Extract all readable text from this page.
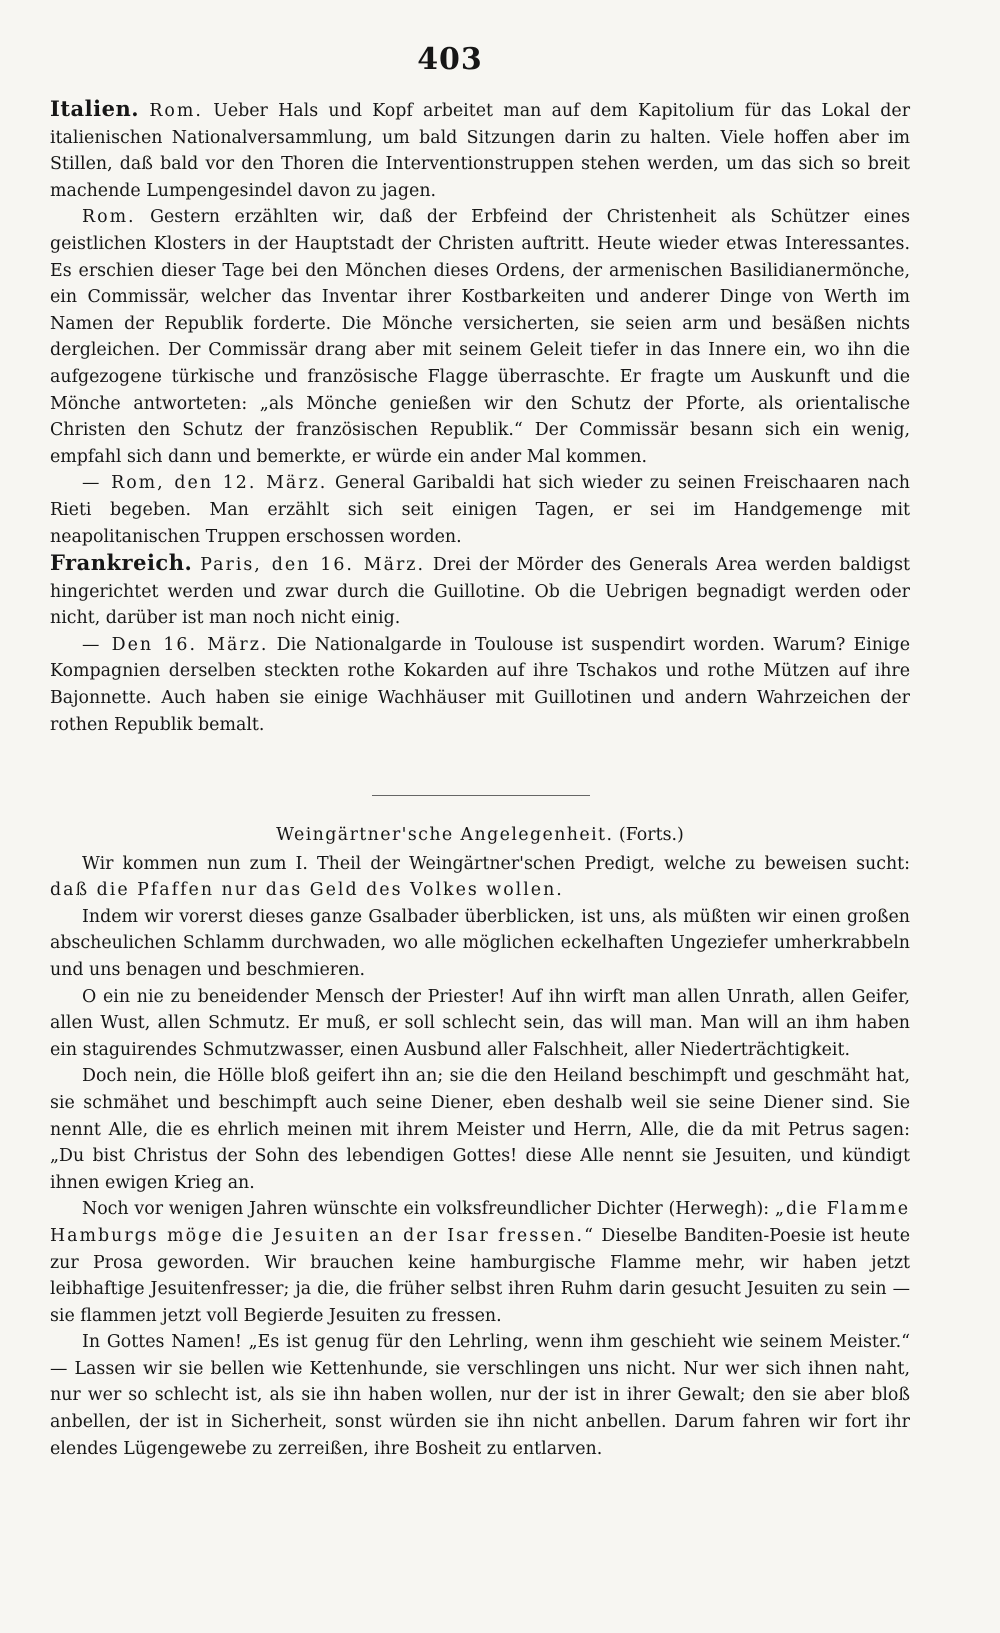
403

Italien. Rom. Ueber Hals und Kopf arbeitet man auf dem Kapitolium für das Lokal der italienischen Nationalversammlung, um bald Sitzungen darin zu halten. Viele hoffen aber im Stillen, daß bald vor den Thoren die Interventionstruppen stehen werden, um das sich so breit machende Lumpengesindel davon zu jagen.

Rom. Gestern erzählten wir, daß der Erbfeind der Christenheit als Schützer eines geistlichen Klosters in der Hauptstadt der Christen auftritt. Heute wieder etwas Interessantes. Es erschien dieser Tage bei den Mönchen dieses Ordens, der armenischen Basilidianermönche, ein Commissär, welcher das Inventar ihrer Kostbarkeiten und anderer Dinge von Werth im Namen der Republik forderte. Die Mönche versicherten, sie seien arm und besäßen nichts dergleichen. Der Commissär drang aber mit seinem Geleit tiefer in das Innere ein, wo ihn die aufgezogene türkische und französische Flagge überraschte. Er fragte um Auskunft und die Mönche antworteten: „als Mönche genießen wir den Schutz der Pforte, als orientalische Christen den Schutz der französischen Republik.“ Der Commissär besann sich ein wenig, empfahl sich dann und bemerkte, er würde ein ander Mal kommen.

— Rom, den 12. März. General Garibaldi hat sich wieder zu seinen Freischaaren nach Rieti begeben. Man erzählt sich seit einigen Tagen, er sei im Handgemenge mit neapolitanischen Truppen erschossen worden.

Frankreich. Paris, den 16. März. Drei der Mörder des Generals Area werden baldigst hingerichtet werden und zwar durch die Guillotine. Ob die Uebrigen begnadigt werden oder nicht, darüber ist man noch nicht einig.

— Den 16. März. Die Nationalgarde in Toulouse ist suspendirt worden. Warum? Einige Kompagnien derselben steckten rothe Kokarden auf ihre Tschakos und rothe Mützen auf ihre Bajonnette. Auch haben sie einige Wachhäuser mit Guillotinen und andern Wahrzeichen der rothen Republik bemalt.

Weingärtner'sche Angelegenheit. (Forts.)

Wir kommen nun zum I. Theil der Weingärtner'schen Predigt, welche zu beweisen sucht: daß die Pfaffen nur das Geld des Volkes wollen.

Indem wir vorerst dieses ganze Gsalbader überblicken, ist uns, als müßten wir einen großen abscheulichen Schlamm durchwaden, wo alle möglichen eckelhaften Ungeziefer umherkrabbeln und uns benagen und beschmieren.

O ein nie zu beneidender Mensch der Priester! Auf ihn wirft man allen Unrath, allen Geifer, allen Wust, allen Schmutz. Er muß, er soll schlecht sein, das will man. Man will an ihm haben ein staguirendes Schmutzwasser, einen Ausbund aller Falschheit, aller Niederträchtigkeit.

Doch nein, die Hölle bloß geifert ihn an; sie die den Heiland beschimpft und geschmäht hat, sie schmähet und beschimpft auch seine Diener, eben deshalb weil sie seine Diener sind. Sie nennt Alle, die es ehrlich meinen mit ihrem Meister und Herrn, Alle, die da mit Petrus sagen: „Du bist Christus der Sohn des lebendigen Gottes! diese Alle nennt sie Jesuiten, und kündigt ihnen ewigen Krieg an.

Noch vor wenigen Jahren wünschte ein volksfreundlicher Dichter (Herwegh): „die Flamme Hamburgs möge die Jesuiten an der Isar fressen.“ Dieselbe Banditen-Poesie ist heute zur Prosa geworden. Wir brauchen keine hamburgische Flamme mehr, wir haben jetzt leibhaftige Jesuitenfresser; ja die, die früher selbst ihren Ruhm darin gesucht Jesuiten zu sein — sie flammen jetzt voll Begierde Jesuiten zu fressen.

In Gottes Namen! „Es ist genug für den Lehrling, wenn ihm geschieht wie seinem Meister.“ — Lassen wir sie bellen wie Kettenhunde, sie verschlingen uns nicht. Nur wer sich ihnen naht, nur wer so schlecht ist, als sie ihn haben wollen, nur der ist in ihrer Gewalt; den sie aber bloß anbellen, der ist in Sicherheit, sonst würden sie ihn nicht anbellen. Darum fahren wir fort ihr elendes Lügengewebe zu zerreißen, ihre Bosheit zu entlarven.
